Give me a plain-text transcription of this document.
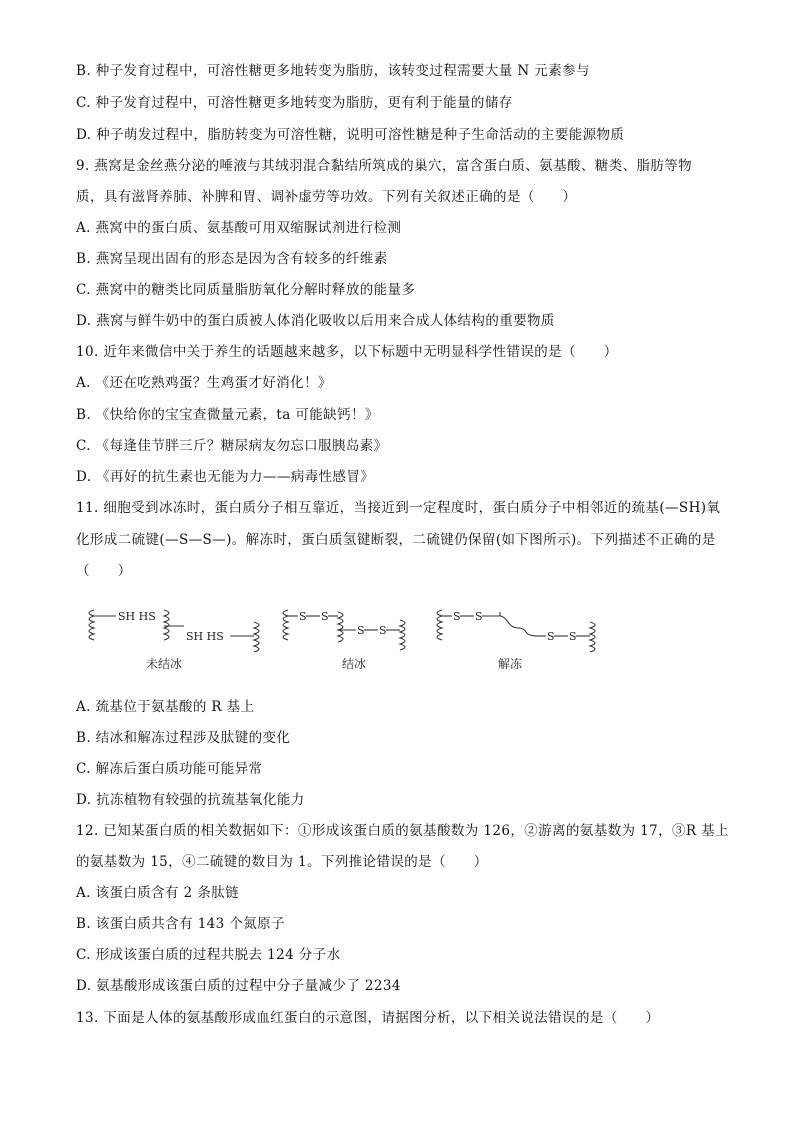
B. 种子发育过程中，可溶性糖更多地转变为脂肪，该转变过程需要大量 N 元素参与
C. 种子发育过程中，可溶性糖更多地转变为脂肪，更有利于能量的储存
D. 种子萌发过程中，脂肪转变为可溶性糖，说明可溶性糖是种子生命活动的主要能源物质
9. 燕窝是金丝燕分泌的唾液与其绒羽混合黏结所筑成的巢穴，富含蛋白质、氨基酸、糖类、脂肪等物
质，具有滋肾养肺、补脾和胃、调补虚劳等功效。下列有关叙述正确的是（　　）
A. 燕窝中的蛋白质、氨基酸可用双缩脲试剂进行检测
B. 燕窝呈现出固有的形态是因为含有较多的纤维素
C. 燕窝中的糖类比同质量脂肪氧化分解时释放的能量多
D. 燕窝与鲜牛奶中的蛋白质被人体消化吸收以后用来合成人体结构的重要物质
10. 近年来微信中关于养生的话题越来越多，以下标题中无明显科学性错误的是（　　）
A. 《还在吃熟鸡蛋？生鸡蛋才好消化！》
B. 《快给你的宝宝查微量元素，ta 可能缺钙！》
C. 《每逢佳节胖三斤？糖尿病友勿忘口服胰岛素》
D. 《再好的抗生素也无能为力——病毒性感冒》
11. 细胞受到冰冻时，蛋白质分子相互靠近，当接近到一定程度时，蛋白质分子中相邻近的巯基(—SH)氧
化形成二硫键(—S—S—)。解冻时，蛋白质氢键断裂，二硫键仍保留(如下图所示)。下列描述不正确的是
（　　）
SH HS
SH HS
S S
S S
S S
S S
未结冰	结冰	解冻
A. 巯基位于氨基酸的 R 基上
B. 结冰和解冻过程涉及肽键的变化
C. 解冻后蛋白质功能可能异常
D. 抗冻植物有较强的抗巯基氧化能力
12. 已知某蛋白质的相关数据如下：①形成该蛋白质的氨基酸数为 126，②游离的氨基数为 17，③R 基上
的氨基数为 15，④二硫键的数目为 1。下列推论错误的是（　　）
A. 该蛋白质含有 2 条肽链
B. 该蛋白质共含有 143 个氮原子
C. 形成该蛋白质的过程共脱去 124 分子水
D. 氨基酸形成该蛋白质的过程中分子量减少了 2234
13. 下面是人体的氨基酸形成血红蛋白的示意图，请据图分析，以下相关说法错误的是（　　）
